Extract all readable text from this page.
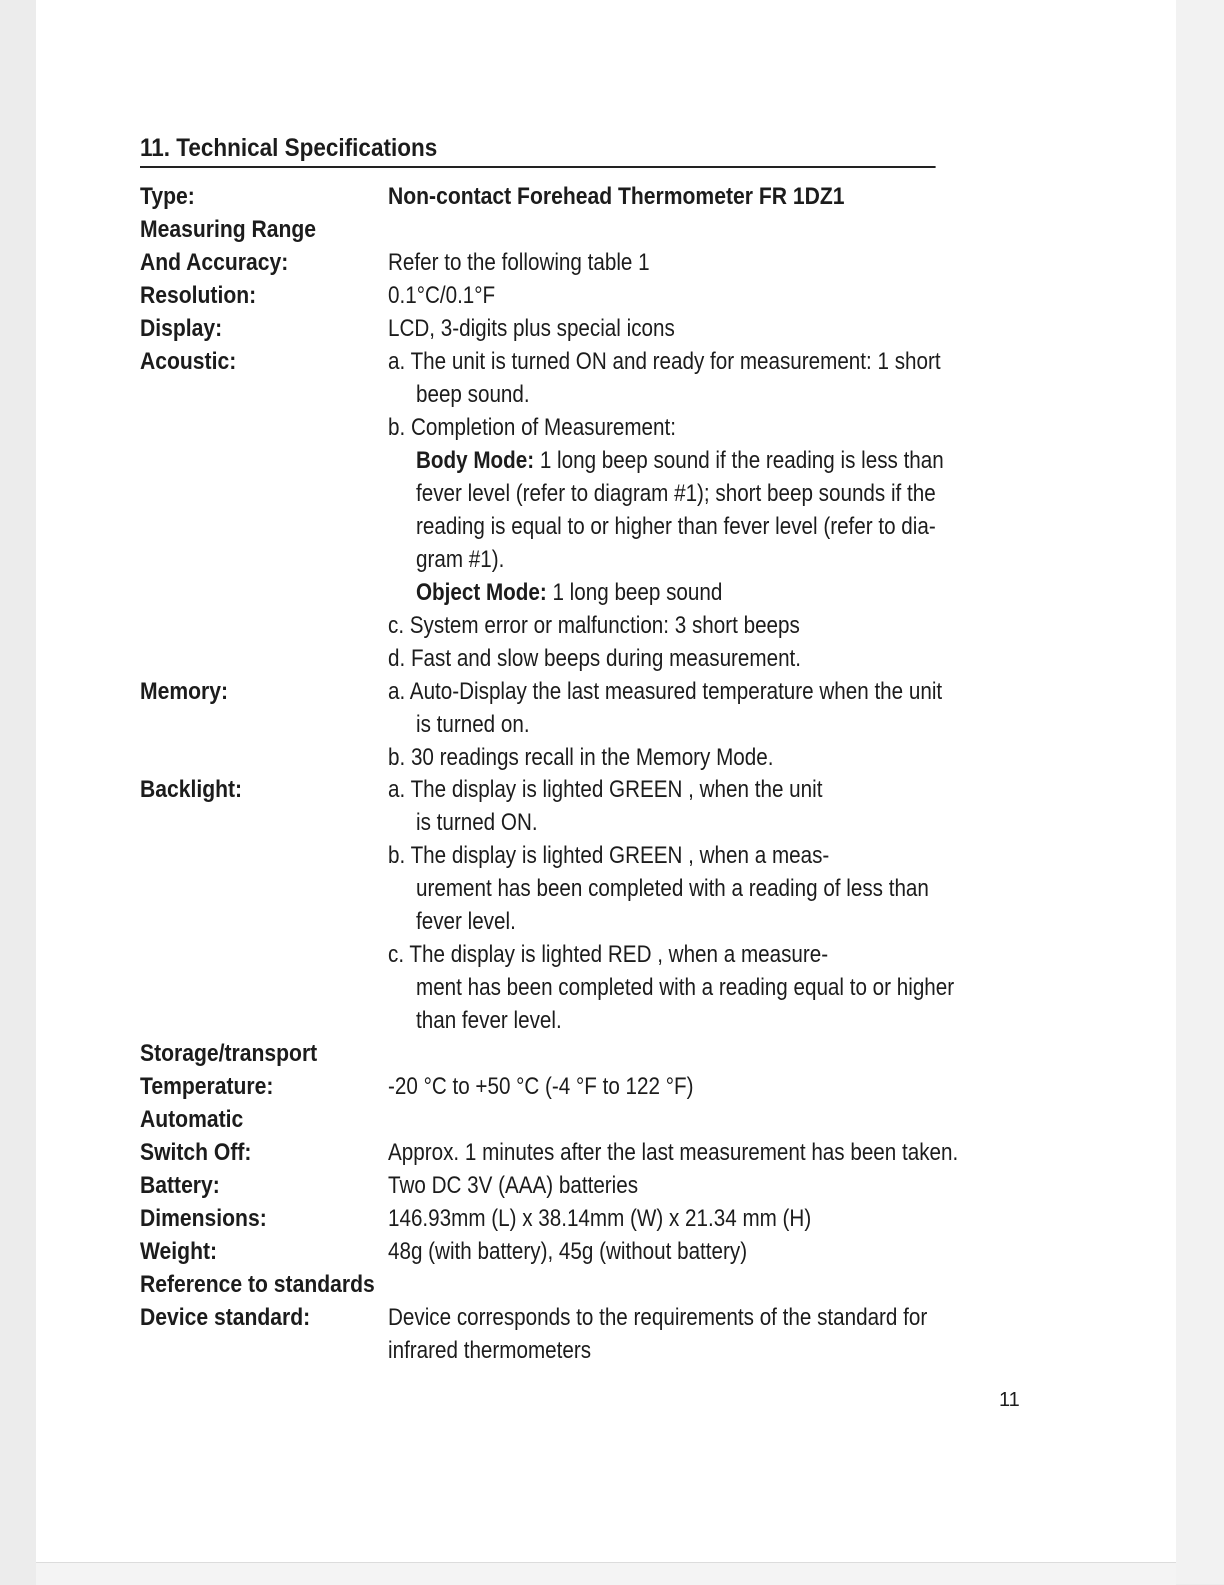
11. Technical Specifications
Type:	Non-contact Forehead Thermometer FR 1DZ1
Measuring Range
And Accuracy:	Refer to the following table 1
Resolution:	0.1°C/0.1°F
Display:	LCD, 3-digits plus special icons
Acoustic:	a. The unit is turned ON and ready for measurement: 1 short
beep sound.
b. Completion of Measurement:
Body Mode: 1 long beep sound if the reading is less than
fever level (refer to diagram #1); short beep sounds if the
reading is equal to or higher than fever level (refer to dia-
gram #1).
Object Mode: 1 long beep sound
c. System error or malfunction: 3 short beeps
d. Fast and slow beeps during measurement.
Memory:	a. Auto-Display the last measured temperature when the unit
is turned on.
b. 30 readings recall in the Memory Mode.
Backlight:	a. The display is lighted GREEN , when the unit
is turned ON.
b. The display is lighted GREEN , when a meas-
urement has been completed with a reading of less than
fever level.
c. The display is lighted RED , when a measure-
ment has been completed with a reading equal to or higher
than fever level.
Storage/transport
Temperature:	-20 °C to +50 °C (-4 °F to 122 °F)
Automatic
Switch Off:	Approx. 1 minutes after the last measurement has been taken.
Battery:	Two DC 3V (AAA) batteries
Dimensions:	146.93mm (L) x 38.14mm (W) x 21.34 mm (H)
Weight:	48g (with battery), 45g (without battery)
Reference to standards
Device standard:	Device corresponds to the requirements of the standard for
infrared thermometers
11
